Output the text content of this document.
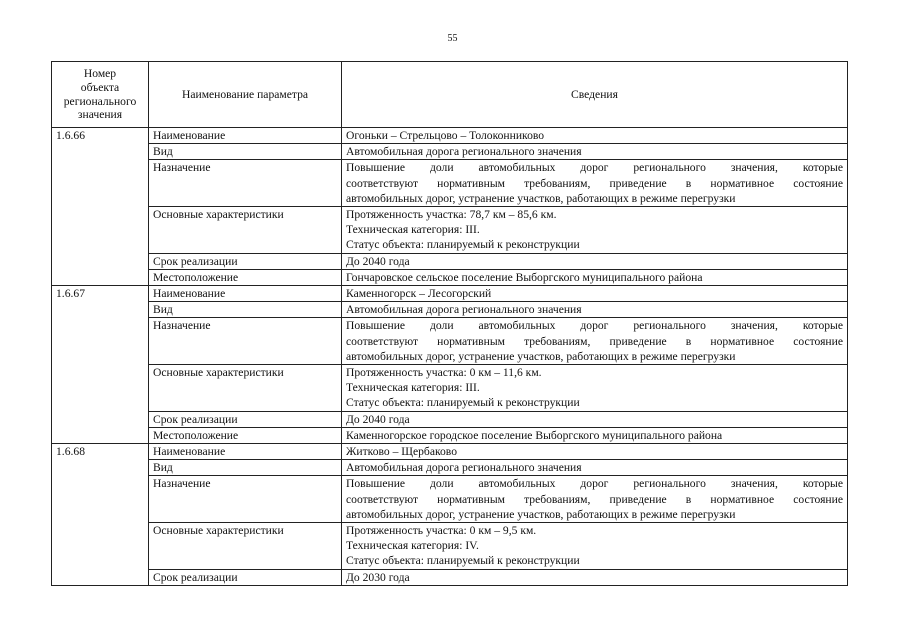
55
Номер
объекта
регионального
значения	Наименование параметра	Сведения
1.6.66	Наименование	Огоньки – Стрельцово – Толоконниково
	Вид	Автомобильная дорога регионального значения
	Назначение	Повышение доли автомобильных дорог регионального значения, которые
соответствуют нормативным требованиям, приведение в нормативное состояние
автомобильных дорог, устранение участков, работающих в режиме перегрузки

	Основные характеристики	Протяженность участка: 78,7 км – 85,6 км.
Техническая категория: III.
Статус объекта: планируемый к реконструкции

	Срок реализации	До 2040 года
	Местоположение	Гончаровское сельское поселение Выборгского муниципального района
1.6.67	Наименование	Каменногорск – Лесогорский
	Вид	Автомобильная дорога регионального значения
	Назначение	Повышение доли автомобильных дорог регионального значения, которые
соответствуют нормативным требованиям, приведение в нормативное состояние
автомобильных дорог, устранение участков, работающих в режиме перегрузки

	Основные характеристики	Протяженность участка: 0 км – 11,6 км.
Техническая категория: III.
Статус объекта: планируемый к реконструкции

	Срок реализации	До 2040 года
	Местоположение	Каменногорское городское поселение Выборгского муниципального района
1.6.68	Наименование	Житково – Щербаково
	Вид	Автомобильная дорога регионального значения
	Назначение	Повышение доли автомобильных дорог регионального значения, которые
соответствуют нормативным требованиям, приведение в нормативное состояние
автомобильных дорог, устранение участков, работающих в режиме перегрузки

	Основные характеристики	Протяженность участка: 0 км – 9,5 км.
Техническая категория: IV.
Статус объекта: планируемый к реконструкции

	Срок реализации	До 2030 года
